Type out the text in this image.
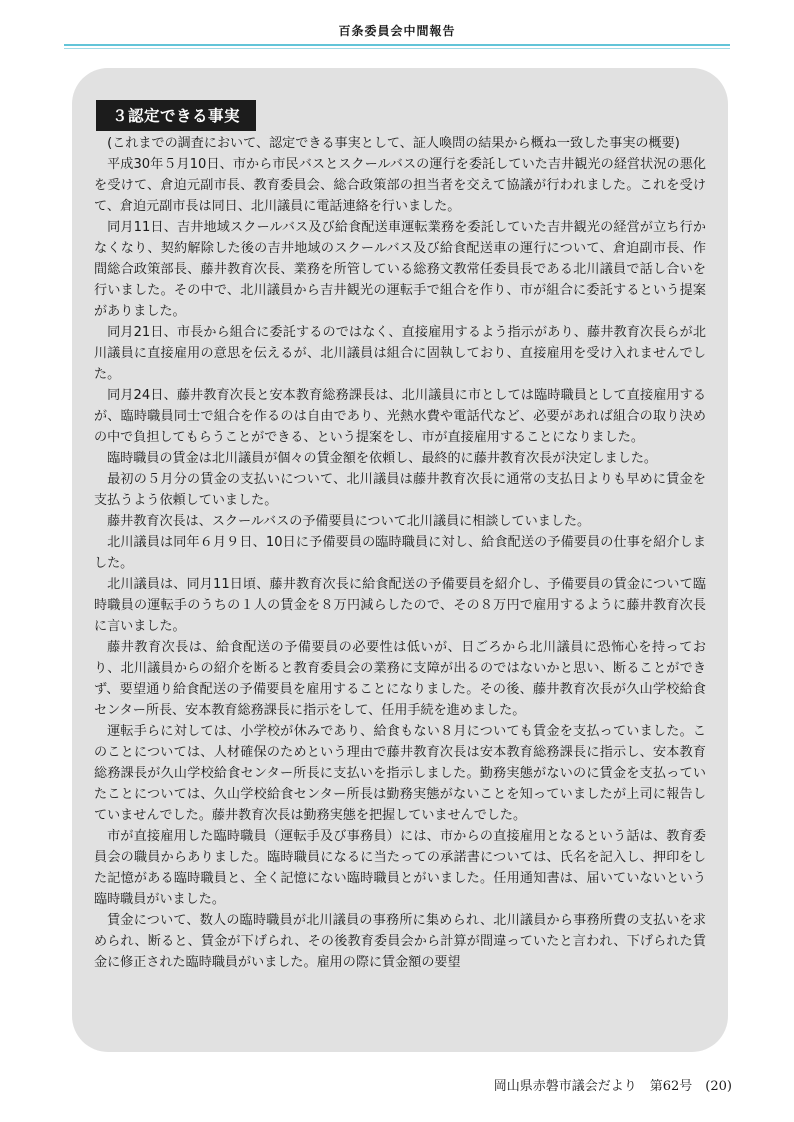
百条委員会中間報告
３認定できる事実

(これまでの調査において、認定できる事実として、証人喚問の結果から概ね一致した事実の概要)

平成30年５月10日、市から市民バスとスクールバスの運行を委託していた吉井観光の経営状況の悪化を受けて、倉迫元副市長、教育委員会、総合政策部の担当者を交えて協議が行われました。これを受けて、倉迫元副市長は同日、北川議員に電話連絡を行いました。

同月11日、吉井地域スクールバス及び給食配送車運転業務を委託していた吉井観光の経営が立ち行かなくなり、契約解除した後の吉井地域のスクールバス及び給食配送車の運行について、倉迫副市長、作間総合政策部長、藤井教育次長、業務を所管している総務文教常任委員長である北川議員で話し合いを行いました。その中で、北川議員から吉井観光の運転手で組合を作り、市が組合に委託するという提案がありました。

同月21日、市長から組合に委託するのではなく、直接雇用するよう指示があり、藤井教育次長らが北川議員に直接雇用の意思を伝えるが、北川議員は組合に固執しており、直接雇用を受け入れませんでした。

同月24日、藤井教育次長と安本教育総務課長は、北川議員に市としては臨時職員として直接雇用するが、臨時職員同士で組合を作るのは自由であり、光熱水費や電話代など、必要があれば組合の取り決めの中で負担してもらうことができる、という提案をし、市が直接雇用することになりました。

臨時職員の賃金は北川議員が個々の賃金額を依頼し、最終的に藤井教育次長が決定しました。

最初の５月分の賃金の支払いについて、北川議員は藤井教育次長に通常の支払日よりも早めに賃金を支払うよう依頼していました。

藤井教育次長は、スクールバスの予備要員について北川議員に相談していました。

北川議員は同年６月９日、10日に予備要員の臨時職員に対し、給食配送の予備要員の仕事を紹介しました。

北川議員は、同月11日頃、藤井教育次長に給食配送の予備要員を紹介し、予備要員の賃金について臨時職員の運転手のうちの１人の賃金を８万円減らしたので、その８万円で雇用するように藤井教育次長に言いました。

藤井教育次長は、給食配送の予備要員の必要性は低いが、日ごろから北川議員に恐怖心を持っており、北川議員からの紹介を断ると教育委員会の業務に支障が出るのではないかと思い、断ることができず、要望通り給食配送の予備要員を雇用することになりました。その後、藤井教育次長が久山学校給食センター所長、安本教育総務課長に指示をして、任用手続を進めました。

運転手らに対しては、小学校が休みであり、給食もない８月についても賃金を支払っていました。このことについては、人材確保のためという理由で藤井教育次長は安本教育総務課長に指示し、安本教育総務課長が久山学校給食センター所長に支払いを指示しました。勤務実態がないのに賃金を支払っていたことについては、久山学校給食センター所長は勤務実態がないことを知っていましたが上司に報告していませんでした。藤井教育次長は勤務実態を把握していませんでした。

市が直接雇用した臨時職員（運転手及び事務員）には、市からの直接雇用となるという話は、教育委員会の職員からありました。臨時職員になるに当たっての承諾書については、氏名を記入し、押印をした記憶がある臨時職員と、全く記憶にない臨時職員とがいました。任用通知書は、届いていないという臨時職員がいました。

賃金について、数人の臨時職員が北川議員の事務所に集められ、北川議員から事務所費の支払いを求められ、断ると、賃金が下げられ、その後教育委員会から計算が間違っていたと言われ、下げられた賃金に修正された臨時職員がいました。雇用の際に賃金額の要望

岡山県赤磐市議会だより　第62号　(20)
